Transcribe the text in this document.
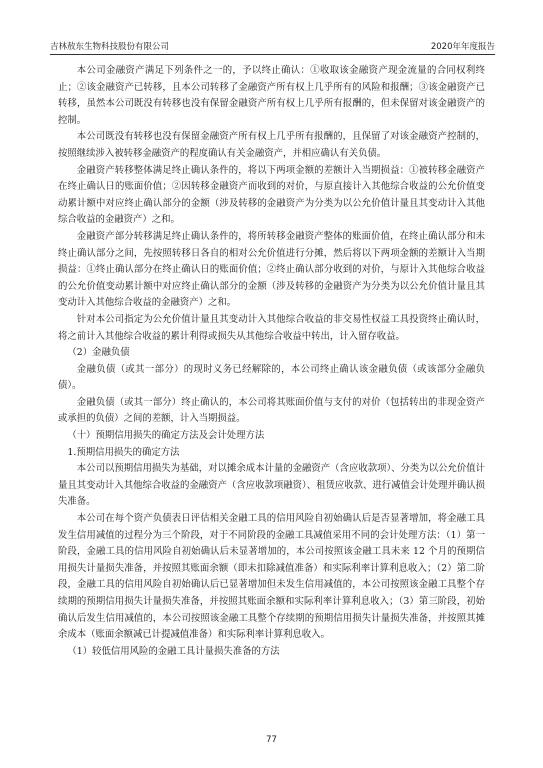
吉林敖东生物科技股份有限公司	2020年年度报告

本公司金融资产满足下列条件之一的，予以终止确认：①收取该金融资产现金流量的合同权利终止；②该金融资产已转移，且本公司转移了金融资产所有权上几乎所有的风险和报酬；③该金融资产已转移，虽然本公司既没有转移也没有保留金融资产所有权上几乎所有报酬的，但未保留对该金融资产的控制。

本公司既没有转移也没有保留金融资产所有权上几乎所有报酬的，且保留了对该金融资产控制的，按照继续涉入被转移金融资产的程度确认有关金融资产，并相应确认有关负债。

金融资产转移整体满足终止确认条件的，将以下两项金额的差额计入当期损益：①被转移金融资产在终止确认日的账面价值；②因转移金融资产而收到的对价，与原直接计入其他综合收益的公允价值变动累计额中对应终止确认部分的金额（涉及转移的金融资产为分类为以公允价值计量且其变动计入其他综合收益的金融资产）之和。

金融资产部分转移满足终止确认条件的，将所转移金融资产整体的账面价值，在终止确认部分和未终止确认部分之间，先按照转移日各自的相对公允价值进行分摊，然后将以下两项金额的差额计入当期损益：①终止确认部分在终止确认日的账面价值；②终止确认部分收到的对价，与原计入其他综合收益的公允价值变动累计额中对应终止确认部分的金额（涉及转移的金融资产为分类为以公允价值计量且其变动计入其他综合收益的金融资产）之和。

针对本公司指定为公允价值计量且其变动计入其他综合收益的非交易性权益工具投资终止确认时，将之前计入其他综合收益的累计利得或损失从其他综合收益中转出，计入留存收益。

（2）金融负债

金融负债（或其一部分）的现时义务已经解除的，本公司终止确认该金融负债（或该部分金融负债）。

金融负债（或其一部分）终止确认的，本公司将其账面价值与支付的对价（包括转出的非现金资产或承担的负债）之间的差额，计入当期损益。

（十）预期信用损失的确定方法及会计处理方法

1.预期信用损失的确定方法

本公司以预期信用损失为基础，对以摊余成本计量的金融资产（含应收款项）、分类为以公允价值计量且其变动计入其他综合收益的金融资产（含应收款项融资）、租赁应收款、进行减值会计处理并确认损失准备。

本公司在每个资产负债表日评估相关金融工具的信用风险自初始确认后是否显著增加，将金融工具发生信用减值的过程分为三个阶段，对于不同阶段的金融工具减值采用不同的会计处理方法：（1）第一阶段，金融工具的信用风险自初始确认后未显著增加的，本公司按照该金融工具未来 12 个月的预期信用损失计量损失准备，并按照其账面余额（即未扣除减值准备）和实际利率计算利息收入；（2）第二阶段，金融工具的信用风险自初始确认后已显著增加但未发生信用减值的，本公司按照该金融工具整个存续期的预期信用损失计量损失准备，并按照其账面余额和实际利率计算利息收入；（3）第三阶段，初始确认后发生信用减值的，本公司按照该金融工具整个存续期的预期信用损失计量损失准备，并按照其摊余成本（账面余额减已计提减值准备）和实际利率计算利息收入。

（1）较低信用风险的金融工具计量损失准备的方法

77
